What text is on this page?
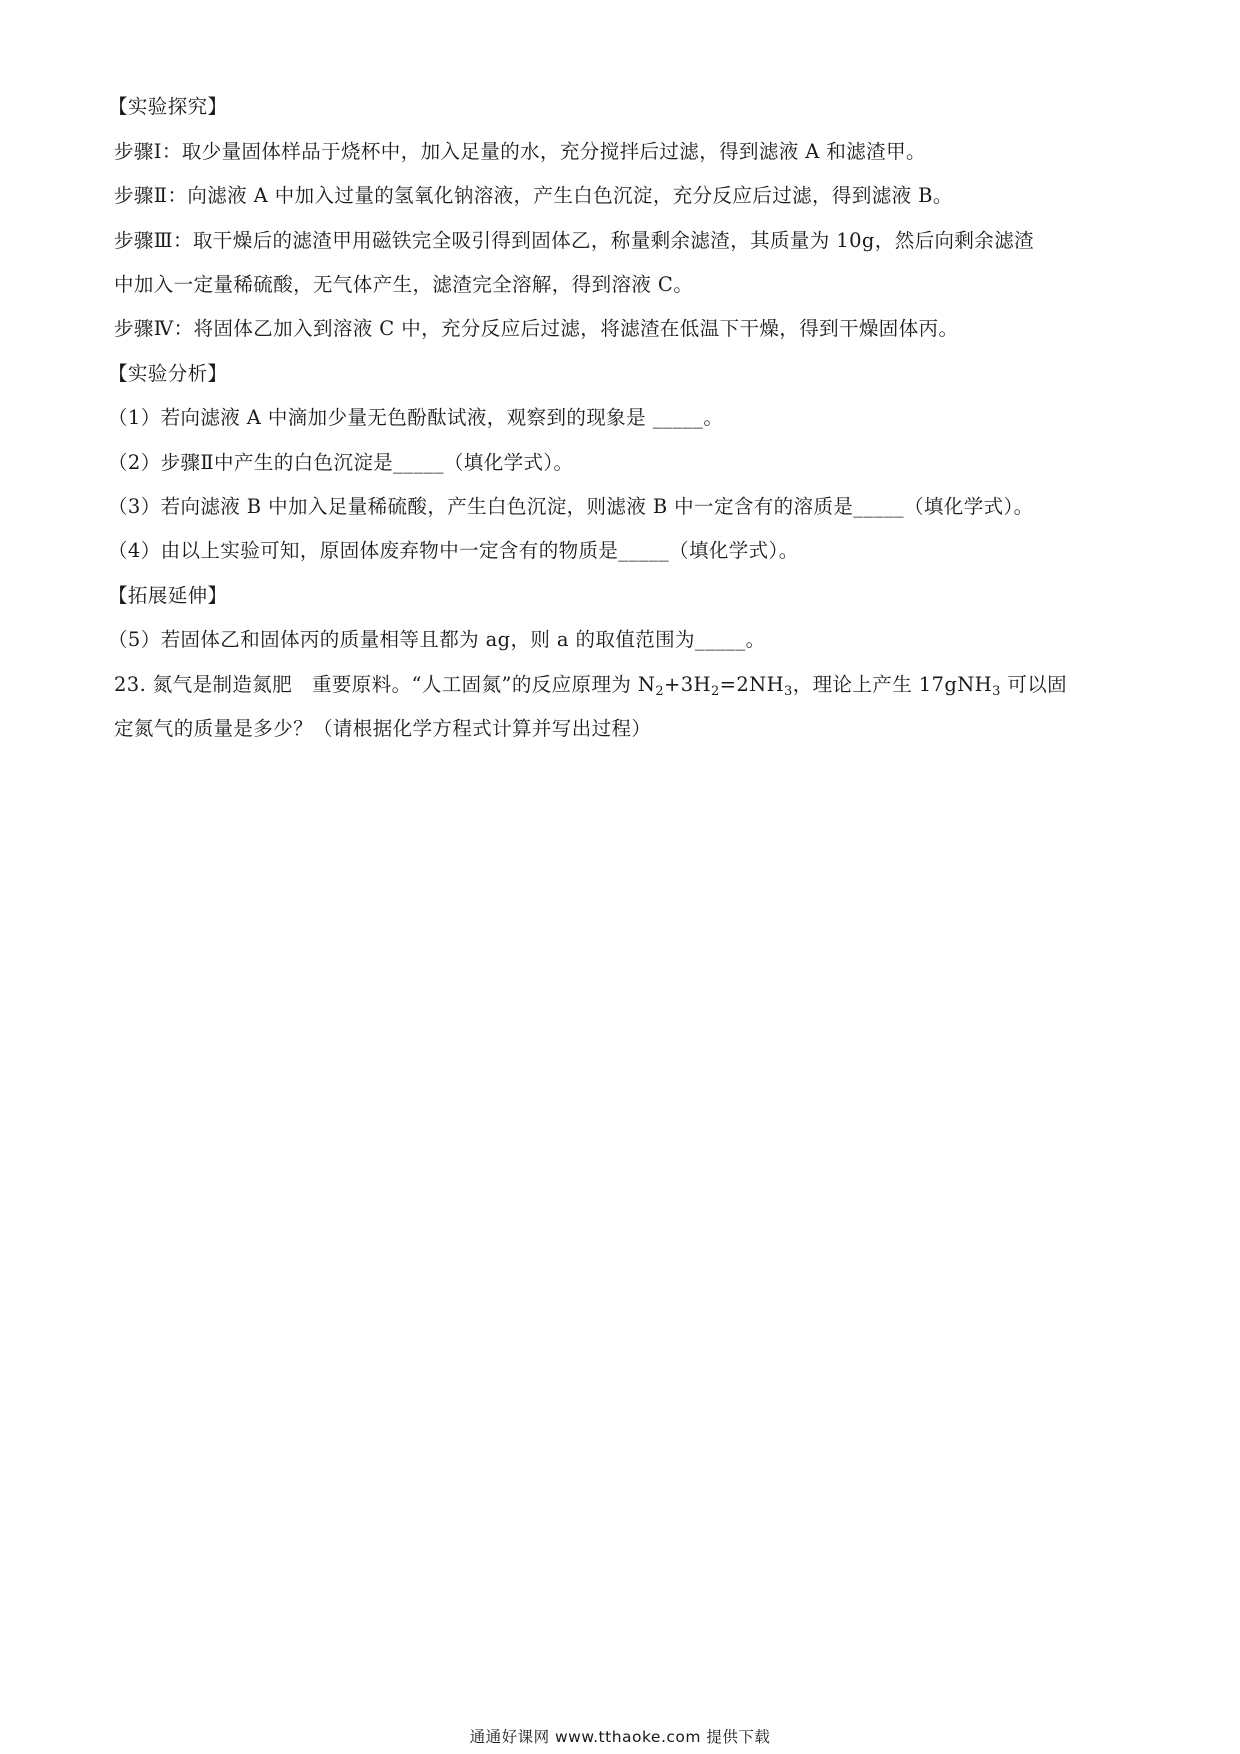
【实验探究】
步骤Ⅰ：取少量固体样品于烧杯中，加入足量的水，充分搅拌后过滤，得到滤液 A 和滤渣甲。
步骤Ⅱ：向滤液 A 中加入过量的氢氧化钠溶液，产生白色沉淀，充分反应后过滤，得到滤液 B。
步骤Ⅲ：取干燥后的滤渣甲用磁铁完全吸引得到固体乙，称量剩余滤渣，其质量为 10g，然后向剩余滤渣
中加入一定量稀硫酸，无气体产生，滤渣完全溶解，得到溶液 C。
步骤Ⅳ：将固体乙加入到溶液 C 中，充分反应后过滤，将滤渣在低温下干燥，得到干燥固体丙。
【实验分析】
（1）若向滤液 A 中滴加少量无色酚酞试液，观察到的现象是 _____。
（2）步骤Ⅱ中产生的白色沉淀是_____（填化学式）。
（3）若向滤液 B 中加入足量稀硫酸，产生白色沉淀，则滤液 B 中一定含有的溶质是_____（填化学式）。
（4）由以上实验可知，原固体废弃物中一定含有的物质是_____（填化学式）。
【拓展延伸】
（5）若固体乙和固体丙的质量相等且都为 ag，则 a 的取值范围为_____。
23. 氮气是制造氮肥　重要原料。“人工固氮”的反应原理为 $N_2+3H_2=2NH_3$，理论上产生 17gNH$_3$ 可以固
定氮气的质量是多少？（请根据化学方程式计算并写出过程）
通通好课网 www.tthaoke.com 提供下载
